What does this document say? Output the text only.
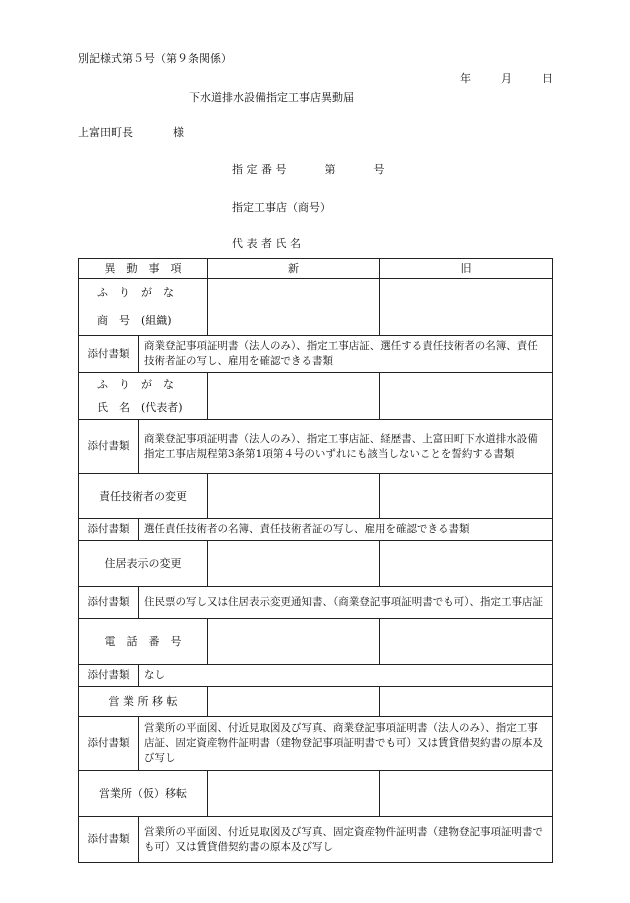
別記様式第５号（第９条関係）
年	月	日
下水道排水設備指定工事店異動届
上富田町長	様
指 定 番 号	第	号
指定工事店（商号）
代 表 者 氏 名
異　動　事　項		新	旧

ふ　り　が　な
商　号　(組織)			

添付書類	商業登記事項証明書（法人のみ）、指定工事店証、選任する責任技術者の名簿、責任技術者証の写し、雇用を確認できる書類		

ふ　り　が　な
氏　名　(代表者)			

添付書類	商業登記事項証明書（法人のみ）、指定工事店証、経歴書、上富田町下水道排水設備指定工事店規程第3条第1項第４号のいずれにも該当しないことを誓約する書類		
責任技術者の変更			
添付書類	選任責任技術者の名簿、責任技術者証の写し、雇用を確認できる書類		
住居表示の変更			
添付書類	住民票の写し又は住居表示変更通知書、（商業登記事項証明書でも可）、指定工事店証		
電　話　番　号			
添付書類	なし		
営 業 所 移 転			
添付書類	営業所の平面図、付近見取図及び写真、商業登記事項証明書（法人のみ）、指定工事店証、固定資産物件証明書（建物登記事項証明書でも可）又は賃貸借契約書の原本及び写し		
営業所（仮）移転			
添付書類	営業所の平面図、付近見取図及び写真、固定資産物件証明書（建物登記事項証明書でも可）又は賃貸借契約書の原本及び写し		
